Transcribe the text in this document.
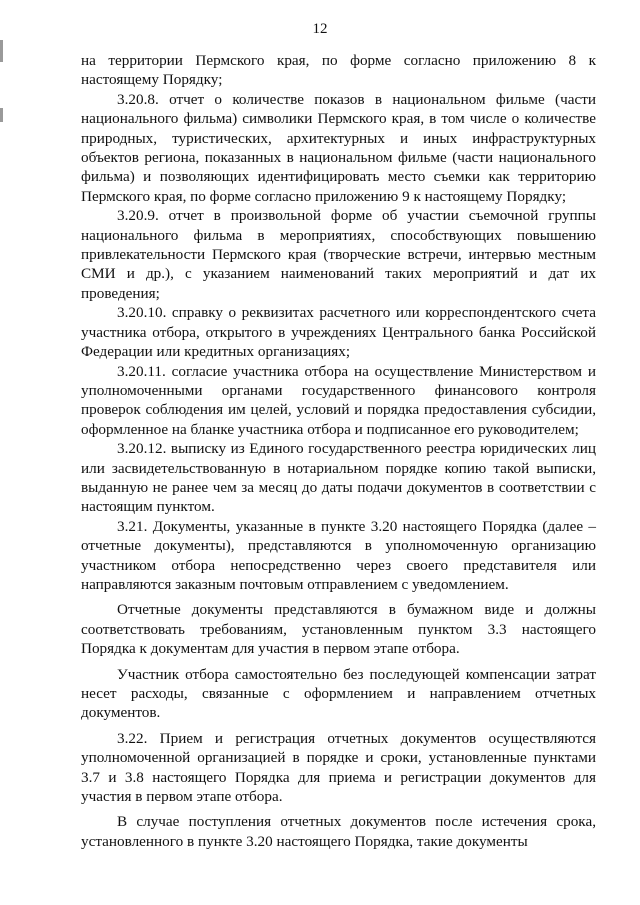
12

на территории Пермского края, по форме согласно приложению 8 к настоящему Порядку;

3.20.8. отчет о количестве показов в национальном фильме (части национального фильма) символики Пермского края, в том числе о количестве природных, туристических, архитектурных и иных инфраструктурных объектов региона, показанных в национальном фильме (части национального фильма) и позволяющих идентифицировать место съемки как территорию Пермского края, по форме согласно приложению 9 к настоящему Порядку;

3.20.9. отчет в произвольной форме об участии съемочной группы национального фильма в мероприятиях, способствующих повышению привлекательности Пермского края (творческие встречи, интервью местным СМИ и др.), с указанием наименований таких мероприятий и дат их проведения;

3.20.10. справку о реквизитах расчетного или корреспондентского счета участника отбора, открытого в учреждениях Центрального банка Российской Федерации или кредитных организациях;

3.20.11. согласие участника отбора на осуществление Министерством и уполномоченными органами государственного финансового контроля проверок соблюдения им целей, условий и порядка предоставления субсидии, оформленное на бланке участника отбора и подписанное его руководителем;

3.20.12. выписку из Единого государственного реестра юридических лиц или засвидетельствованную в нотариальном порядке копию такой выписки, выданную не ранее чем за месяц до даты подачи документов в соответствии с настоящим пунктом.

3.21. Документы, указанные в пункте 3.20 настоящего Порядка (далее – отчетные документы), представляются в уполномоченную организацию участником отбора непосредственно через своего представителя или направляются заказным почтовым отправлением с уведомлением.

Отчетные документы представляются в бумажном виде и должны соответствовать требованиям, установленным пунктом 3.3 настоящего Порядка к документам для участия в первом этапе отбора.

Участник отбора самостоятельно без последующей компенсации затрат несет расходы, связанные с оформлением и направлением отчетных документов.

3.22. Прием и регистрация отчетных документов осуществляются уполномоченной организацией в порядке и сроки, установленные пунктами 3.7 и 3.8 настоящего Порядка для приема и регистрации документов для участия в первом этапе отбора.

В случае поступления отчетных документов после истечения срока, установленного в пункте 3.20 настоящего Порядка, такие документы
